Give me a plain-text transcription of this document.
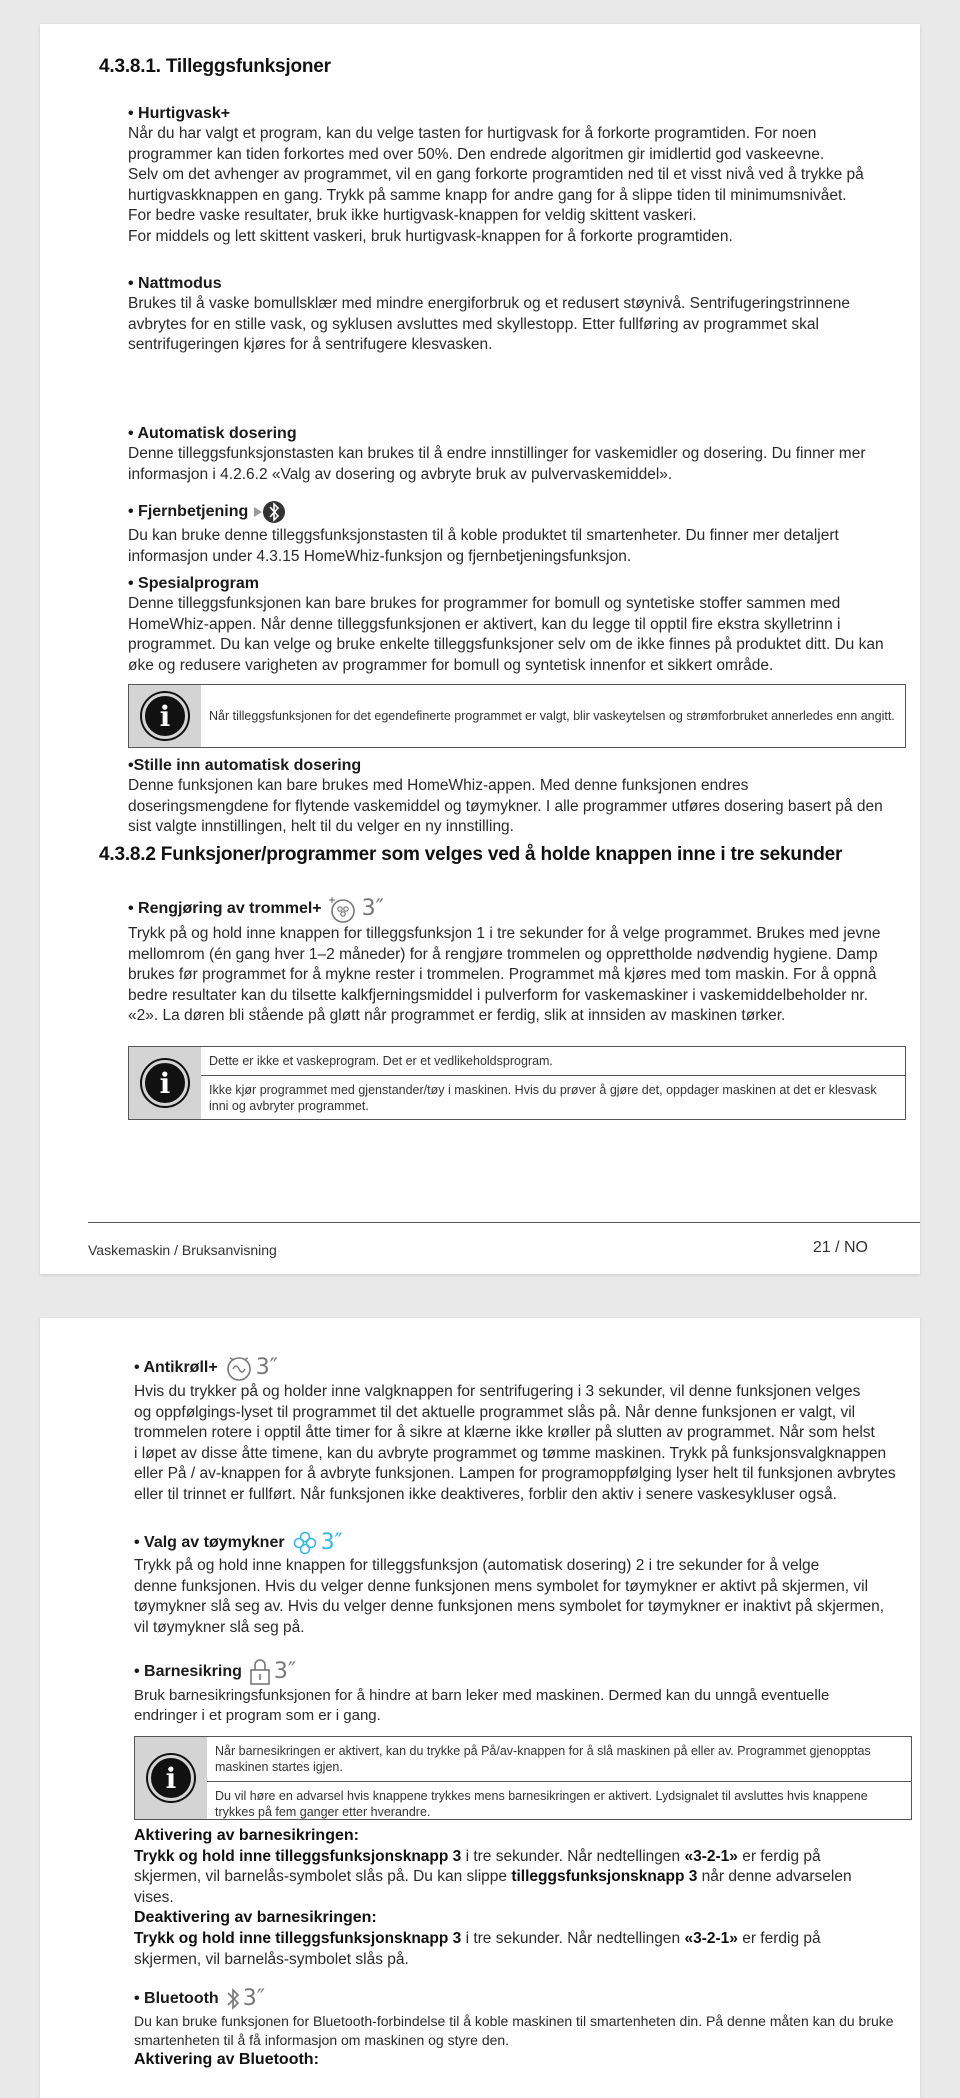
4.3.8.1. Tilleggsfunksjoner
• Hurtigvask+

Når du har valgt et program, kan du velge tasten for hurtigvask for å forkorte programtiden. For noen

programmer kan tiden forkortes med over 50%. Den endrede algoritmen gir imidlertid god vaskeevne.

Selv om det avhenger av programmet, vil en gang forkorte programtiden ned til et visst nivå ved å trykke på

hurtigvaskknappen en gang. Trykk på samme knapp for andre gang for å slippe tiden til minimumsnivået.

For bedre vaske resultater, bruk ikke hurtigvask-knappen for veldig skittent vaskeri.

For middels og lett skittent vaskeri, bruk hurtigvask-knappen for å forkorte programtiden.

• Nattmodus

Brukes til å vaske bomullsklær med mindre energiforbruk og et redusert støynivå. Sentrifugeringstrinnene

avbrytes for en stille vask, og syklusen avsluttes med skyllestopp. Etter fullføring av programmet skal

sentrifugeringen kjøres for å sentrifugere klesvasken.

• Automatisk dosering

Denne tilleggsfunksjonstasten kan brukes til å endre innstillinger for vaskemidler og dosering. Du finner mer

informasjon i 4.2.6.2 «Valg av dosering og avbryte bruk av pulvervaskemiddel».

• Fjernbetjening

Du kan bruke denne tilleggsfunksjonstasten til å koble produktet til smartenheter. Du finner mer detaljert

informasjon under 4.3.15 HomeWhiz-funksjon og fjernbetjeningsfunksjon.

• Spesialprogram

Denne tilleggsfunksjonen kan bare brukes for programmer for bomull og syntetiske stoffer sammen med

HomeWhiz-appen. Når denne tilleggsfunksjonen er aktivert, kan du legge til opptil fire ekstra skylletrinn i

programmet. Du kan velge og bruke enkelte tilleggsfunksjoner selv om de ikke finnes på produktet ditt. Du kan

øke og redusere varigheten av programmer for bomull og syntetisk innenfor et sikkert område.

i	Når tilleggsfunksjonen for det egendefinerte programmet er valgt, blir vaskeytelsen og strømforbruket annerledes enn angitt.
• Stille inn automatisk dosering

Denne funksjonen kan bare brukes med HomeWhiz-appen. Med denne funksjonen endres

doseringsmengdene for flytende vaskemiddel og tøymykner. I alle programmer utføres dosering basert på den

sist valgte innstillingen, helt til du velger en ny innstilling.

4.3.8.2 Funksjoner/programmer som velges ved å holde knappen inne i tre sekunder
• Rengjøring av trommel+ 3″

Trykk på og hold inne knappen for tilleggsfunksjon 1 i tre sekunder for å velge programmet. Brukes med jevne

mellomrom (én gang hver 1–2 måneder) for å rengjøre trommelen og opprettholde nødvendig hygiene. Damp

brukes før programmet for å mykne rester i trommelen. Programmet må kjøres med tom maskin. For å oppnå

bedre resultater kan du tilsette kalkfjerningsmiddel i pulverform for vaskemaskiner i vaskemiddelbeholder nr.

«2». La døren bli stående på gløtt når programmet er ferdig, slik at innsiden av maskinen tørker.

i
Dette er ikke et vaskeprogram. Det er et vedlikeholdsprogram.
Ikke kjør programmet med gjenstander/tøy i maskinen. Hvis du prøver å gjøre det, oppdager maskinen at det er klesvask inni og avbryter programmet.
Vaskemaskin / Bruksanvisning	21 / NO
• Antikrøll+ 3″

Hvis du trykker på og holder inne valgknappen for sentrifugering i 3 sekunder, vil denne funksjonen velges

og oppfølgings-lyset til programmet til det aktuelle programmet slås på. Når denne funksjonen er valgt, vil

trommelen rotere i opptil åtte timer for å sikre at klærne ikke krøller på slutten av programmet. Når som helst

i løpet av disse åtte timene, kan du avbryte programmet og tømme maskinen. Trykk på funksjonsvalgknappen

eller På / av-knappen for å avbryte funksjonen. Lampen for programoppfølging lyser helt til funksjonen avbrytes

eller til trinnet er fullført. Når funksjonen ikke deaktiveres, forblir den aktiv i senere vaskesykluser også.

• Valg av tøymykner 3″

Trykk på og hold inne knappen for tilleggsfunksjon (automatisk dosering) 2 i tre sekunder for å velge

denne funksjonen. Hvis du velger denne funksjonen mens symbolet for tøymykner er aktivt på skjermen, vil

tøymykner slå seg av. Hvis du velger denne funksjonen mens symbolet for tøymykner er inaktivt på skjermen,

vil tøymykner slå seg på.

• Barnesikring 3″

Bruk barnesikringsfunksjonen for å hindre at barn leker med maskinen. Dermed kan du unngå eventuelle

endringer i et program som er i gang.

i
Når barnesikringen er aktivert, kan du trykke på På/av-knappen for å slå maskinen på eller av. Programmet gjenopptas maskinen startes igjen.
Du vil høre en advarsel hvis knappene trykkes mens barnesikringen er aktivert. Lydsignalet til avsluttes hvis knappene trykkes på fem ganger etter hverandre.
Aktivering av barnesikringen:

Trykk og hold inne tilleggsfunksjonsknapp 3 i tre sekunder. Når nedtellingen «3-2-1» er ferdig på

skjermen, vil barnelås-symbolet slås på. Du kan slippe tilleggsfunksjonsknapp 3 når denne advarselen

vises.

Deaktivering av barnesikringen:

Trykk og hold inne tilleggsfunksjonsknapp 3 i tre sekunder. Når nedtellingen «3-2-1» er ferdig på

skjermen, vil barnelås-symbolet slås på.

• Bluetooth 3″

Du kan bruke funksjonen for Bluetooth-forbindelse til å koble maskinen til smartenheten din. På denne måten kan du bruke

smartenheten til å få informasjon om maskinen og styre den.

Aktivering av Bluetooth:
